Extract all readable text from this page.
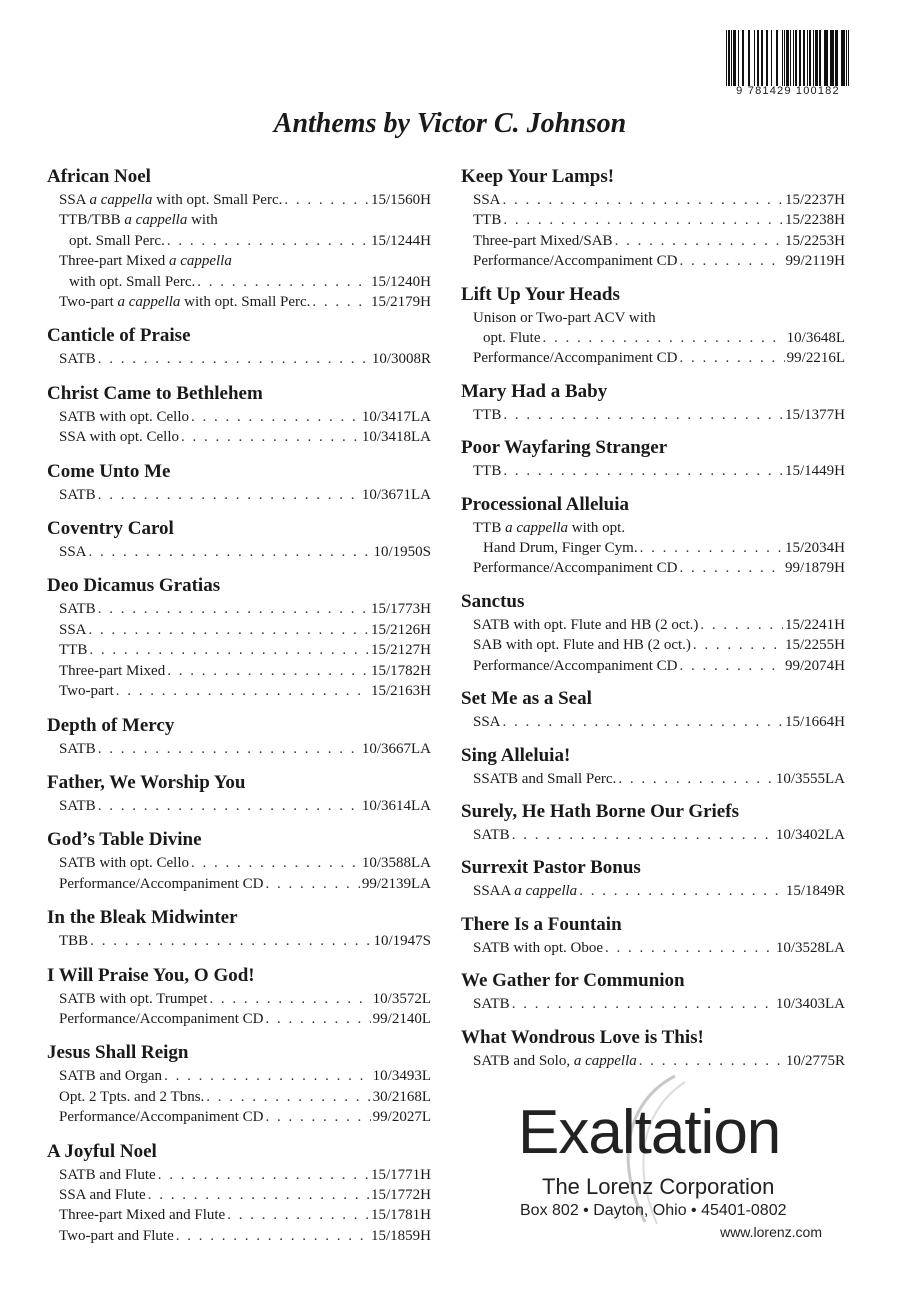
9 781429 100182
Anthems by Victor C. Johnson
African Noel
SSA a cappella with opt. Small Perc. . . .	15/1560H
TTB/TBB a cappella with
opt. Small Perc. . . .	15/1244H
Three-part Mixed a cappella
with opt. Small Perc. . . .	15/1240H
Two-part a cappella with opt. Small Perc. . . .	15/2179H
Canticle of Praise
SATB . . .	10/3008R
Christ Came to Bethlehem
SATB with opt. Cello . . .	10/3417LA
SSA with opt. Cello . . .	10/3418LA
Come Unto Me
SATB . . .	10/3671LA
Coventry Carol
SSA . . .	10/1950S
Deo Dicamus Gratias
SATB . . .	15/1773H
SSA . . .	15/2126H
TTB . . .	15/2127H
Three-part Mixed . . .	15/1782H
Two-part . . .	15/2163H
Depth of Mercy
SATB . . .	10/3667LA
Father, We Worship You
SATB . . .	10/3614LA
God’s Table Divine
SATB with opt. Cello . . .	10/3588LA
Performance/Accompaniment CD . . .	99/2139LA
In the Bleak Midwinter
TBB . . .	10/1947S
I Will Praise You, O God!
SATB with opt. Trumpet . . .	10/3572L
Performance/Accompaniment CD . . .	99/2140L
Jesus Shall Reign
SATB and Organ . . .	10/3493L
Opt. 2 Tpts. and 2 Tbns. . . .	30/2168L
Performance/Accompaniment CD . . .	99/2027L
A Joyful Noel
SATB and Flute . . .	15/1771H
SSA and Flute . . .	15/1772H
Three-part Mixed and Flute . . .	15/1781H
Two-part and Flute . . .	15/1859H
Keep Your Lamps!
SSA . . .	15/2237H
TTB . . .	15/2238H
Three-part Mixed/SAB . . .	15/2253H
Performance/Accompaniment CD . . .	99/2119H
Lift Up Your Heads
Unison or Two-part ACV with
opt. Flute . . .	10/3648L
Performance/Accompaniment CD . . .	99/2216L
Mary Had a Baby
TTB . . .	15/1377H
Poor Wayfaring Stranger
TTB . . .	15/1449H
Processional Alleluia
TTB a cappella with opt.
Hand Drum, Finger Cym. . . .	15/2034H
Performance/Accompaniment CD . . .	99/1879H
Sanctus
SATB with opt. Flute and HB (2 oct.) . . .	15/2241H
SAB with opt. Flute and HB (2 oct.) . . .	15/2255H
Performance/Accompaniment CD . . .	99/2074H
Set Me as a Seal
SSA . . .	15/1664H
Sing Alleluia!
SSATB and Small Perc. . . .	10/3555LA
Surely, He Hath Borne Our Griefs
SATB . . .	10/3402LA
Surrexit Pastor Bonus
SSAA a cappella . . .	15/1849R
There Is a Fountain
SATB with opt. Oboe . . .	10/3528LA
We Gather for Communion
SATB . . .	10/3403LA
What Wondrous Love is This!
SATB and Solo, a cappella . . .	10/2775R
Exaltation
The Lorenz Corporation
Box 802 • Dayton, Ohio • 45401-0802
www.lorenz.com
